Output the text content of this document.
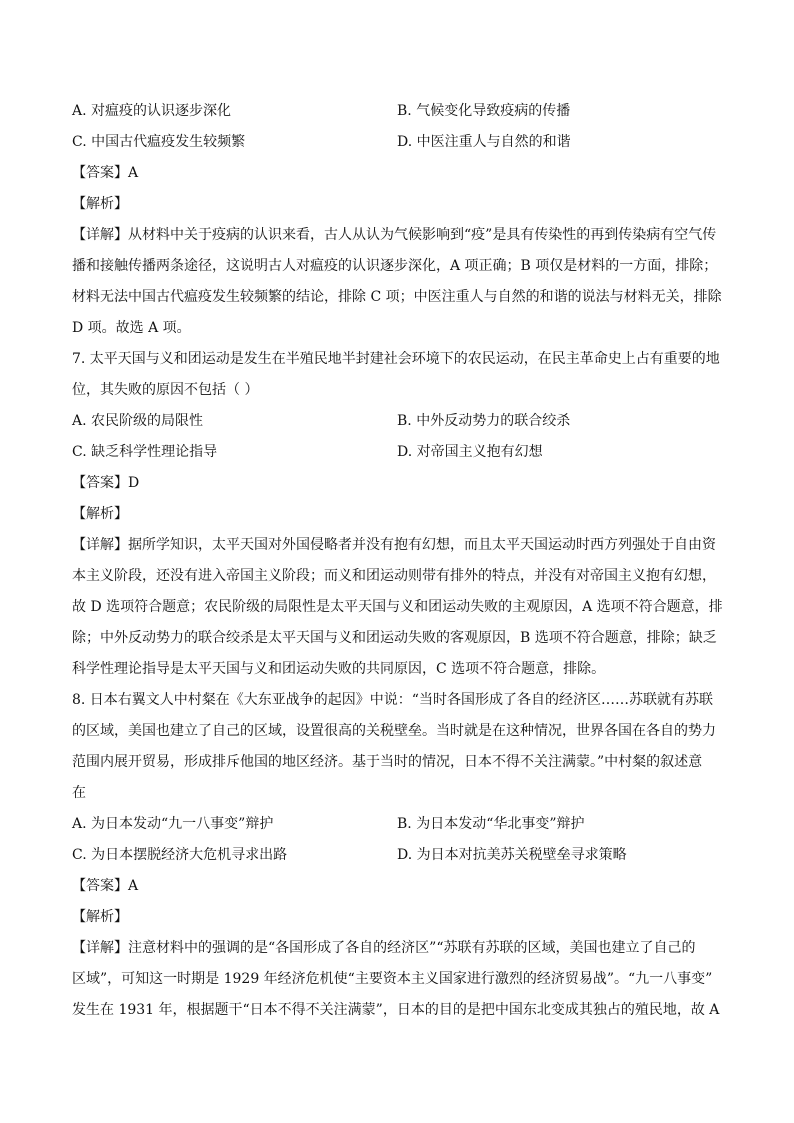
A. 对瘟疫的认识逐步深化	B. 气候变化导致疫病的传播
C. 中国古代瘟疫发生较频繁	D. 中医注重人与自然的和谐
【答案】A
【解析】
【详解】从材料中关于疫病的认识来看，古人从认为气候影响到“疫”是具有传染性的再到传染病有空气传
播和接触传播两条途径，这说明古人对瘟疫的认识逐步深化，A 项正确；B 项仅是材料的一方面，排除；
材料无法中国古代瘟疫发生较频繁的结论，排除 C 项；中医注重人与自然的和谐的说法与材料无关，排除
D 项。故选 A 项。
7. 太平天国与义和团运动是发生在半殖民地半封建社会环境下的农民运动，在民主革命史上占有重要的地
位，其失败的原因不包括（ ）
A. 农民阶级的局限性	B. 中外反动势力的联合绞杀
C. 缺乏科学性理论指导	D. 对帝国主义抱有幻想
【答案】D
【解析】
【详解】据所学知识，太平天国对外国侵略者并没有抱有幻想，而且太平天国运动时西方列强处于自由资
本主义阶段，还没有进入帝国主义阶段；而义和团运动则带有排外的特点，并没有对帝国主义抱有幻想，
故 D 选项符合题意；农民阶级的局限性是太平天国与义和团运动失败的主观原因，A 选项不符合题意，排
除；中外反动势力的联合绞杀是太平天国与义和团运动失败的客观原因，B 选项不符合题意，排除；缺乏
科学性理论指导是太平天国与义和团运动失败的共同原因，C 选项不符合题意，排除。
8. 日本右翼文人中村粲在《大东亚战争的起因》中说：“当时各国形成了各自的经济区……苏联就有苏联
的区域，美国也建立了自己的区域，设置很高的关税壁垒。当时就是在这种情况，世界各国在各自的势力
范围内展开贸易，形成排斥他国的地区经济。基于当时的情况，日本不得不关注满蒙。”中村粲的叙述意
在
A. 为日本发动“九一八事变”辩护	B. 为日本发动“华北事变”辩护
C. 为日本摆脱经济大危机寻求出路	D. 为日本对抗美苏关税壁垒寻求策略
【答案】A
【解析】
【详解】注意材料中的强调的是“各国形成了各自的经济区”“苏联有苏联的区域，美国也建立了自己的
区域”，可知这一时期是 1929 年经济危机使“主要资本主义国家进行激烈的经济贸易战”。“九一八事变”
发生在 1931 年，根据题干“日本不得不关注满蒙”，日本的目的是把中国东北变成其独占的殖民地，故 A
